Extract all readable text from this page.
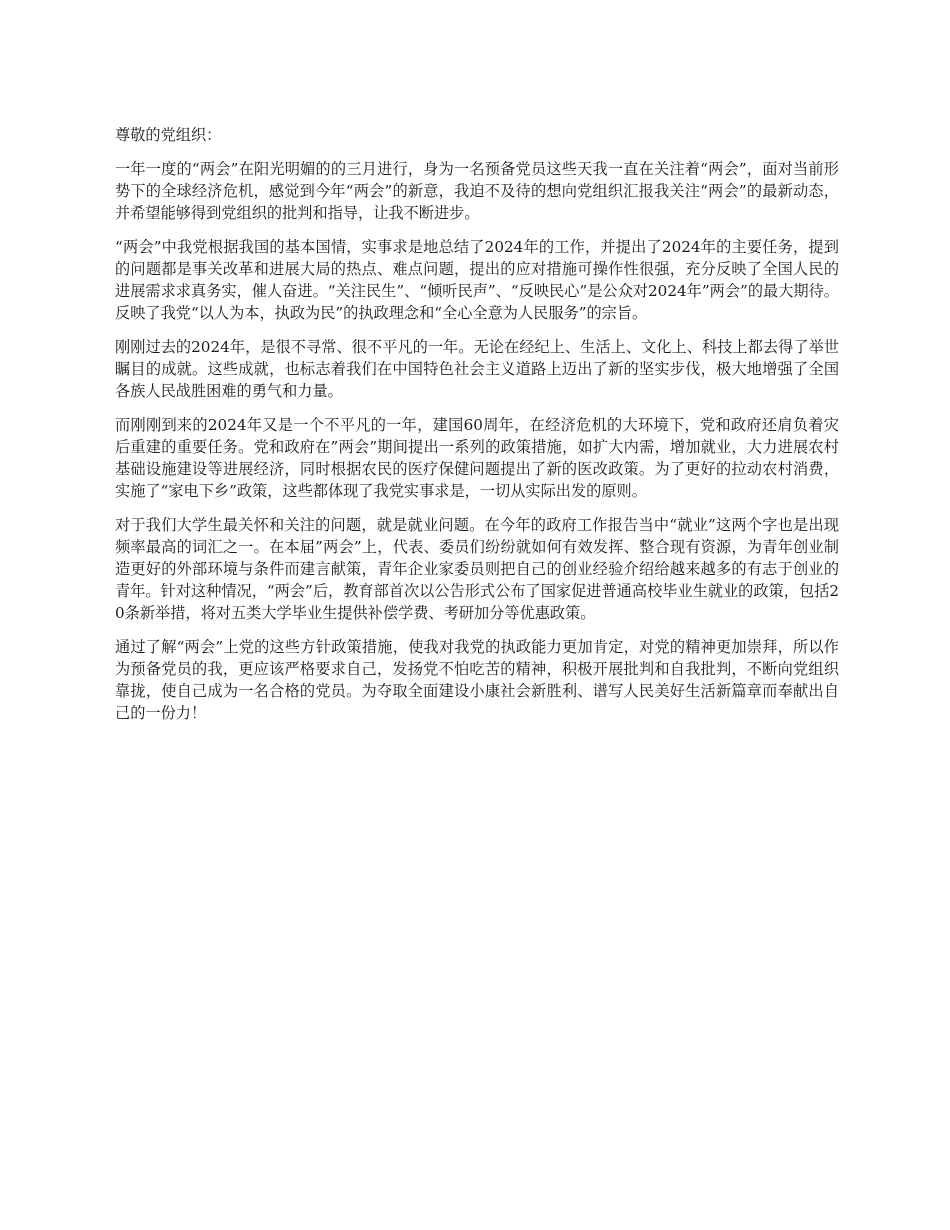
尊敬的党组织：

一年一度的“两会”在阳光明媚的的三月进行，身为一名预备党员这些天我一直在关注着“两会”，面对当前形势下的全球经济危机，感觉到今年“两会”的新意，我迫不及待的想向党组织汇报我关注“两会”的最新动态，并希望能够得到党组织的批判和指导，让我不断进步。

“两会”中我党根据我国的基本国情，实事求是地总结了2024年的工作，并提出了2024年的主要任务，提到的问题都是事关改革和进展大局的热点、难点问题，提出的应对措施可操作性很强，充分反映了全国人民的进展需求求真务实，催人奋进。“关注民生”、“倾听民声”、“反映民心”是公众对2024年”两会”的最大期待。反映了我党“以人为本，执政为民”的执政理念和“全心全意为人民服务”的宗旨。

刚刚过去的2024年，是很不寻常、很不平凡的一年。无论在经纪上、生活上、文化上、科技上都去得了举世瞩目的成就。这些成就，也标志着我们在中国特色社会主义道路上迈出了新的坚实步伐，极大地增强了全国各族人民战胜困难的勇气和力量。

而刚刚到来的2024年又是一个不平凡的一年，建国60周年，在经济危机的大环境下，党和政府还肩负着灾后重建的重要任务。党和政府在”两会”期间提出一系列的政策措施，如扩大内需，增加就业，大力进展农村基础设施建设等进展经济，同时根据农民的医疗保健问题提出了新的医改政策。为了更好的拉动农村消费，实施了“家电下乡”政策，这些都体现了我党实事求是，一切从实际出发的原则。

对于我们大学生最关怀和关注的问题，就是就业问题。在今年的政府工作报告当中“就业”这两个字也是出现频率最高的词汇之一。在本届”两会”上，代表、委员们纷纷就如何有效发挥、整合现有资源，为青年创业制造更好的外部环境与条件而建言献策，青年企业家委员则把自己的创业经验介绍给越来越多的有志于创业的青年。针对这种情况，“两会”后，教育部首次以公告形式公布了国家促进普通高校毕业生就业的政策，包括20条新举措，将对五类大学毕业生提供补偿学费、考研加分等优惠政策。

通过了解“两会”上党的这些方针政策措施，使我对我党的执政能力更加肯定，对党的精神更加崇拜，所以作为预备党员的我，更应该严格要求自己，发扬党不怕吃苦的精神，积极开展批判和自我批判，不断向党组织靠拢，使自己成为一名合格的党员。为夺取全面建设小康社会新胜利、谱写人民美好生活新篇章而奉献出自己的一份力！
